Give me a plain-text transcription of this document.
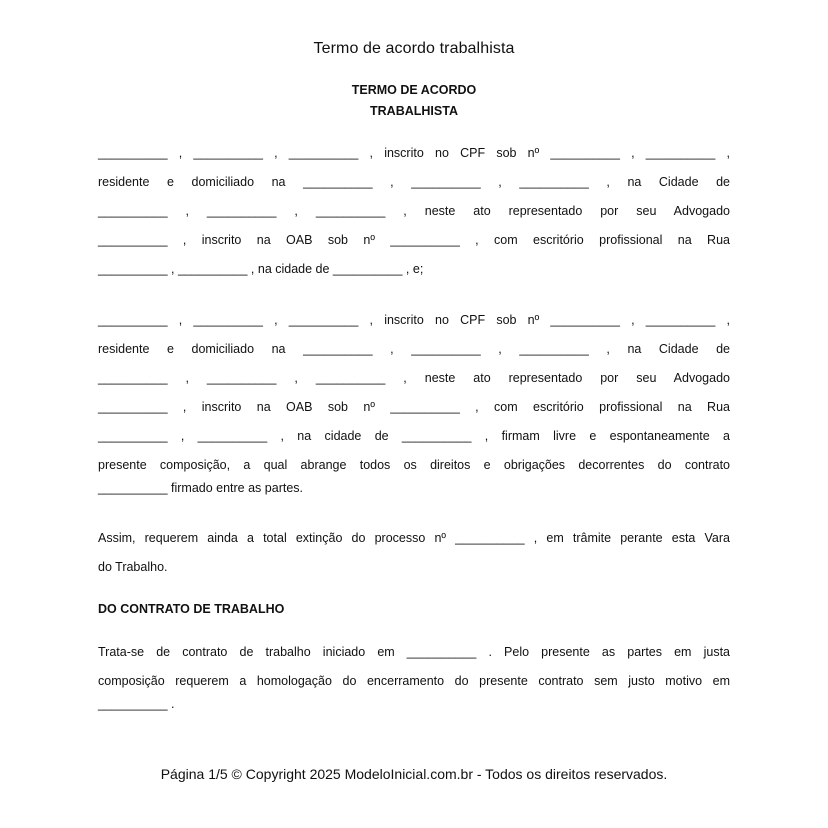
Termo de acordo trabalhista
TERMO DE ACORDO
TRABALHISTA

__________ , __________ , __________ , inscrito no CPF sob nº __________ , __________ ,
residente e domiciliado na __________ , __________ , __________ , na Cidade de
__________ , __________ , __________ , neste ato representado por seu Advogado
__________ , inscrito na OAB sob nº __________ , com escritório profissional na Rua
__________ , __________ , na cidade de __________ , e;

__________ , __________ , __________ , inscrito no CPF sob nº __________ , __________ ,
residente e domiciliado na __________ , __________ , __________ , na Cidade de
__________ , __________ , __________ , neste ato representado por seu Advogado
__________ , inscrito na OAB sob nº __________ , com escritório profissional na Rua
__________ , __________ , na cidade de __________ , firmam livre e espontaneamente a
presente composição, a qual abrange todos os direitos e obrigações decorrentes do contrato

__________ firmado entre as partes.

Assim, requerem ainda a total extinção do processo nº __________ , em trâmite perante esta Vara
do Trabalho.

DO CONTRATO DE TRABALHO

Trata-se de contrato de trabalho iniciado em __________ . Pelo presente as partes em justa
composição requerem a homologação do encerramento do presente contrato sem justo motivo em

__________ .

Página 1/5 © Copyright 2025 ModeloInicial.com.br - Todos os direitos reservados.
